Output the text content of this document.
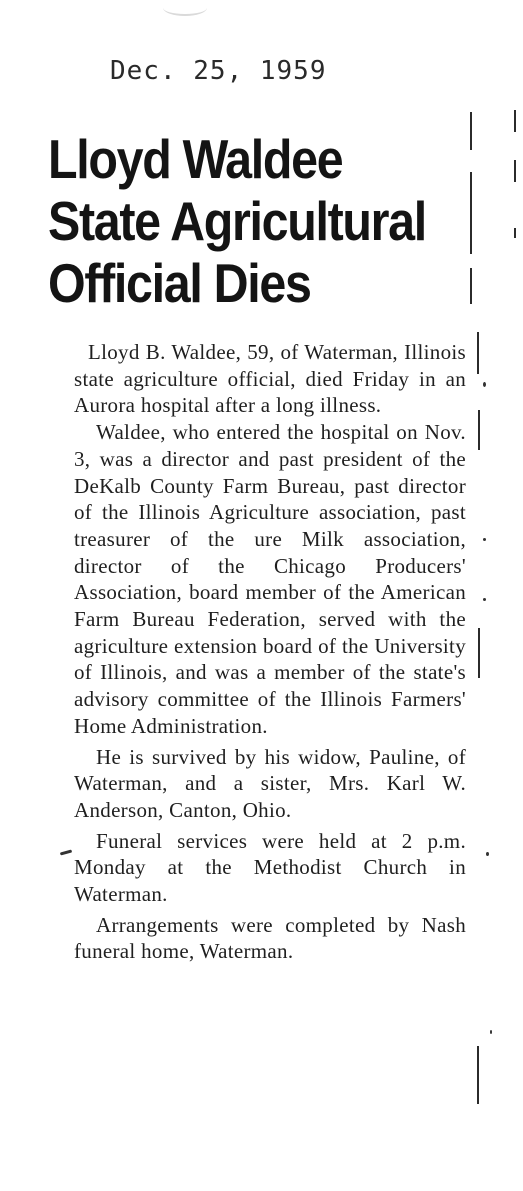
Dec. 25, 1959
Lloyd Waldee
State Agricultural
Official Dies

Lloyd B. Waldee, 59, of Waterman, Illinois state agriculture official, died Friday in an Aurora hospital after a long illness.

Waldee, who entered the hospital on Nov. 3, was a director and past president of the DeKalb County Farm Bureau, past director of the Illinois Agriculture association, past treasurer of the ure Milk association, director of the Chicago Producers' Association, board member of the American Farm Bureau Federation, served with the agriculture extension board of the University of Illinois, and was a member of the state's advisory committee of the Illinois Farmers' Home Administration.

He is survived by his widow, Pauline, of Waterman, and a sister, Mrs. Karl W. Anderson, Canton, Ohio.

Funeral services were held at 2 p.m. Monday at the Methodist Church in Waterman.

Arrangements were completed by Nash funeral home, Waterman.
